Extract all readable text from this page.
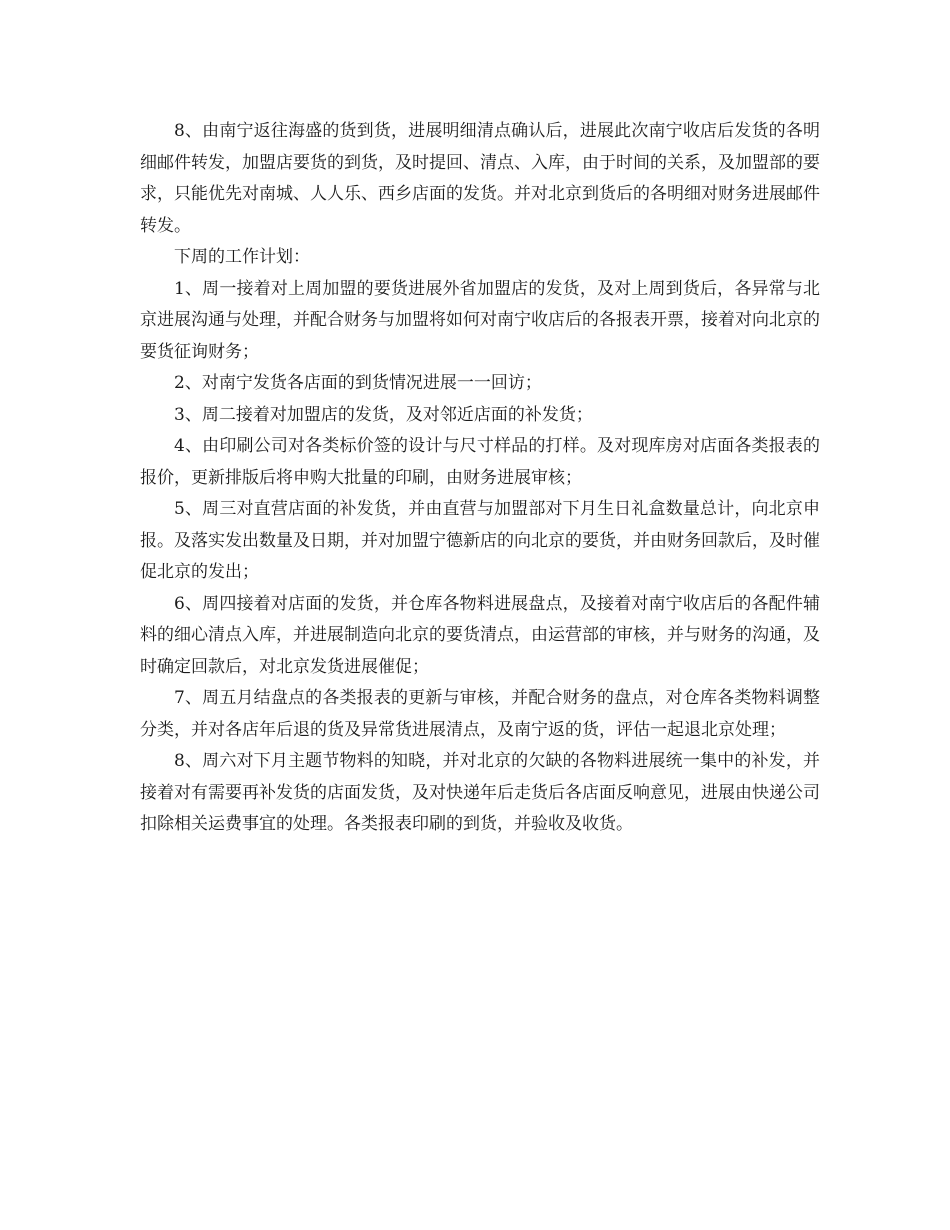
8、由南宁返往海盛的货到货，进展明细清点确认后，进展此次南宁收店后发货的各明细邮件转发，加盟店要货的到货，及时提回、清点、入库，由于时间的关系，及加盟部的要求，只能优先对南城、人人乐、西乡店面的发货。并对北京到货后的各明细对财务进展邮件转发。

下周的工作计划：

1、周一接着对上周加盟的要货进展外省加盟店的发货，及对上周到货后，各异常与北京进展沟通与处理，并配合财务与加盟将如何对南宁收店后的各报表开票，接着对向北京的要货征询财务；

2、对南宁发货各店面的到货情况进展一一回访；

3、周二接着对加盟店的发货，及对邻近店面的补发货；

4、由印刷公司对各类标价签的设计与尺寸样品的打样。及对现库房对店面各类报表的报价，更新排版后将申购大批量的印刷，由财务进展审核；

5、周三对直营店面的补发货，并由直营与加盟部对下月生日礼盒数量总计，向北京申报。及落实发出数量及日期，并对加盟宁德新店的向北京的要货，并由财务回款后，及时催促北京的发出；

6、周四接着对店面的发货，并仓库各物料进展盘点，及接着对南宁收店后的各配件辅料的细心清点入库，并进展制造向北京的要货清点，由运营部的审核，并与财务的沟通，及时确定回款后，对北京发货进展催促；

7、周五月结盘点的各类报表的更新与审核，并配合财务的盘点，对仓库各类物料调整分类，并对各店年后退的货及异常货进展清点，及南宁返的货，评估一起退北京处理；

8、周六对下月主题节物料的知晓，并对北京的欠缺的各物料进展统一集中的补发，并接着对有需要再补发货的店面发货，及对快递年后走货后各店面反响意见，进展由快递公司扣除相关运费事宜的处理。各类报表印刷的到货，并验收及收货。
